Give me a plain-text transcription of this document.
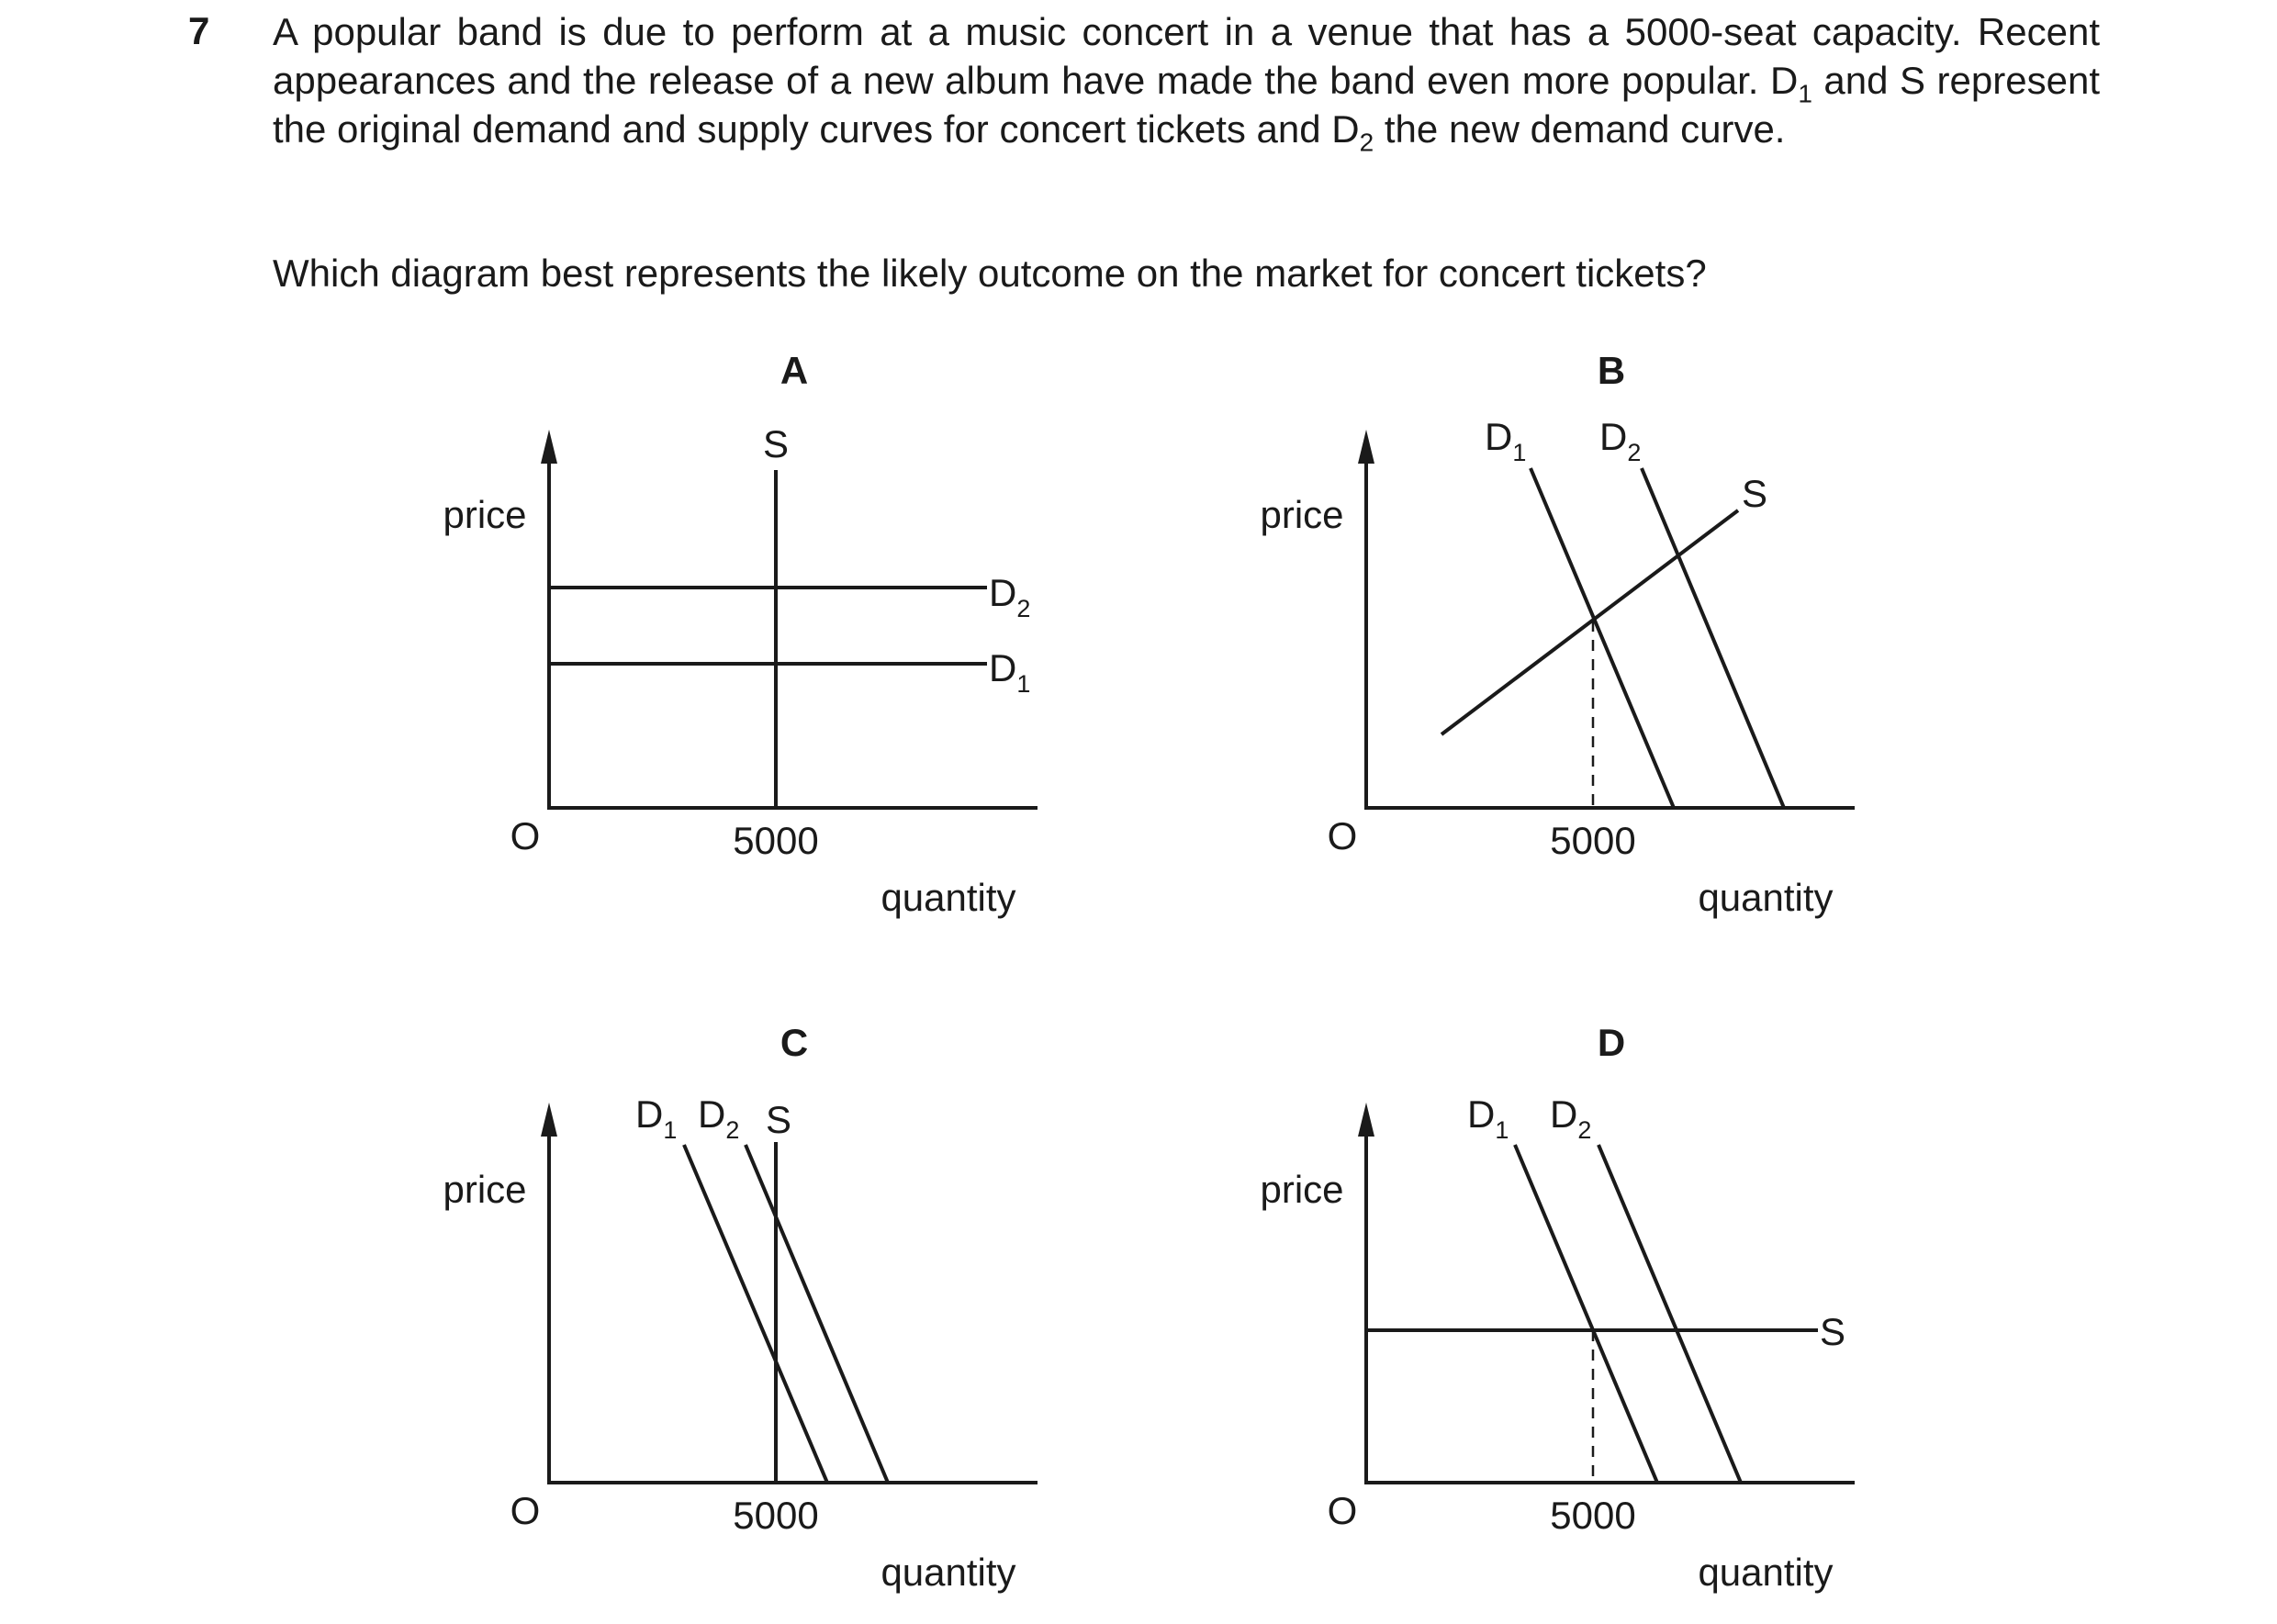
7 A popular band is due to perform at a music concert in a venue that has a 5000-seat capacity. Recent appearances and the release of a new album have made the band even more popular. $D_1$ and S represent the original demand and supply curves for concert tickets and $D_2$ the new demand curve.
Which diagram best represents the likely outcome on the market for concert tickets?
A
price
quantity
O	5000
S
D2
D1
B
price
quantity
O	5000
S
D1 D2
C
price
quantity
O	5000
S
D1 D2
D
price
quantity
O	5000
S
D1 D2
